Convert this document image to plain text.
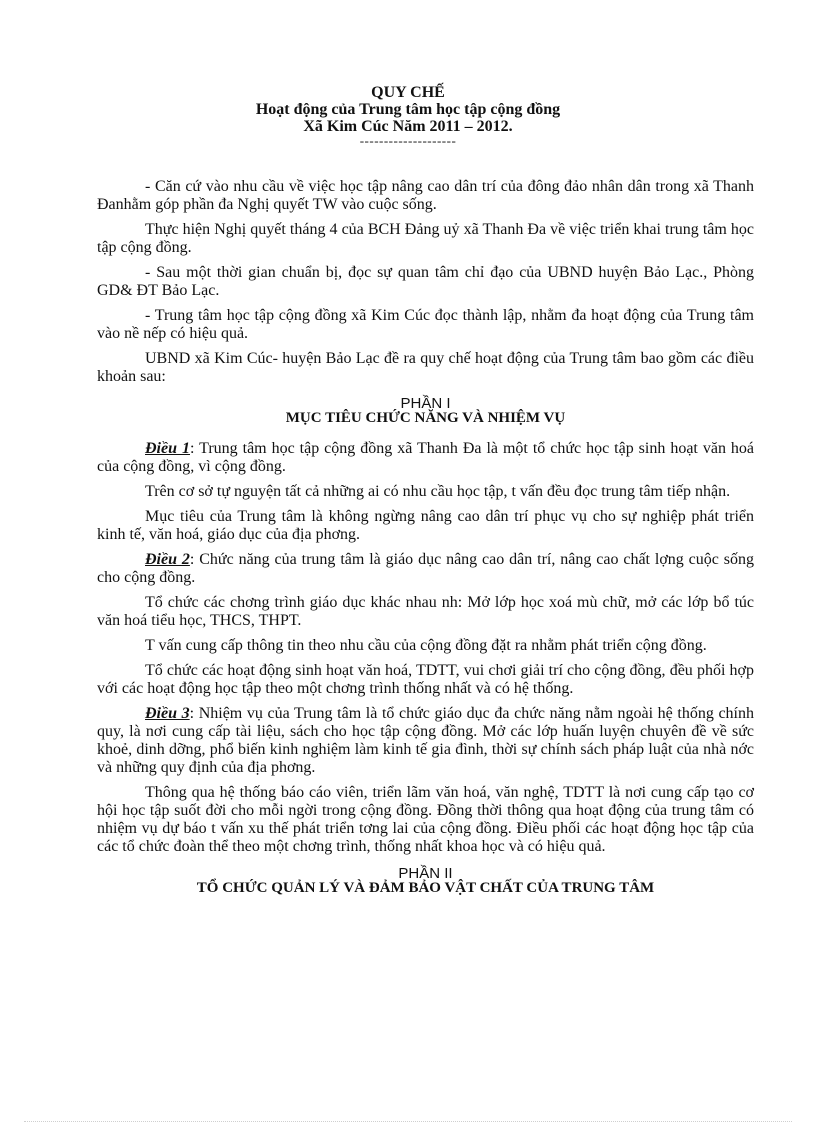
QUY CHẾ
Hoạt động của Trung tâm học tập cộng đồng
Xã Kim Cúc Năm 2011 – 2012.
--------------------

- Căn cứ vào nhu cầu về việc học tập nâng cao dân trí của đông đảo nhân dân trong xã Thanh Đanhằm góp phần đa Nghị quyết TW vào cuộc sống.

Thực hiện Nghị quyết tháng 4 của BCH Đảng uỷ xã Thanh Đa về việc triển khai trung tâm học tập cộng đồng.

- Sau một thời gian chuẩn bị, đọc sự quan tâm chỉ đạo của UBND huyện Bảo Lạc., Phòng GD& ĐT Bảo Lạc.

- Trung tâm học tập cộng đồng xã Kim Cúc đọc thành lập, nhằm đa hoạt động của Trung tâm vào nề nếp có hiệu quả.

UBND xã Kim Cúc- huyện Bảo Lạc đề ra quy chế hoạt động của Trung tâm bao gồm các điều khoản sau:

PHẦN I
MỤC TIÊU CHỨC NĂNG VÀ NHIỆM VỤ

Điều 1: Trung tâm học tập cộng đồng xã Thanh Đa là một tổ chức học tập sinh hoạt văn hoá của cộng đồng, vì cộng đồng.

Trên cơ sở tự nguyện tất cả những ai có nhu cầu học tập, t vấn đều đọc trung tâm tiếp nhận.

Mục tiêu của Trung tâm là không ngừng nâng cao dân trí phục vụ cho sự nghiệp phát triển kinh tế, văn hoá, giáo dục của địa phơng.

Điều 2: Chức năng của trung tâm là giáo dục nâng cao dân trí, nâng cao chất lợng cuộc sống cho cộng đồng.

Tổ chức các chơng trình giáo dục khác nhau nh: Mở lớp học xoá mù chữ, mở các lớp bổ túc văn hoá tiểu học, THCS, THPT.

T vấn cung cấp thông tin theo nhu cầu của cộng đồng đặt ra nhằm phát triển cộng đồng.

Tổ chức các hoạt động sinh hoạt văn hoá, TDTT, vui chơi giải trí cho cộng đồng, đều phối hợp với các hoạt động học tập theo một chơng trình thống nhất và có hệ thống.

Điều 3: Nhiệm vụ của Trung tâm là tổ chức giáo dục đa chức năng nằm ngoài hệ thống chính quy, là nơi cung cấp tài liệu, sách cho học tập cộng đồng. Mở các lớp huấn luyện chuyên đề về sức khoẻ, dinh dỡng, phổ biến kinh nghiệm làm kinh tế gia đình, thời sự chính sách pháp luật của nhà nớc và những quy định của địa phơng.

Thông qua hệ thống báo cáo viên, triển lãm văn hoá, văn nghệ, TDTT là nơi cung cấp tạo cơ hội học tập suốt đời cho mỗi ngời trong cộng đồng. Đồng thời thông qua hoạt động của trung tâm có nhiệm vụ dự báo t vấn xu thế phát triển tơng lai của cộng đồng. Điều phối các hoạt động học tập của các tổ chức đoàn thể theo một chơng trình, thống nhất khoa học và có hiệu quả.

PHẦN II
TỔ CHỨC QUẢN LÝ VÀ ĐẢM BẢO VẬT CHẤT CỦA TRUNG TÂM
